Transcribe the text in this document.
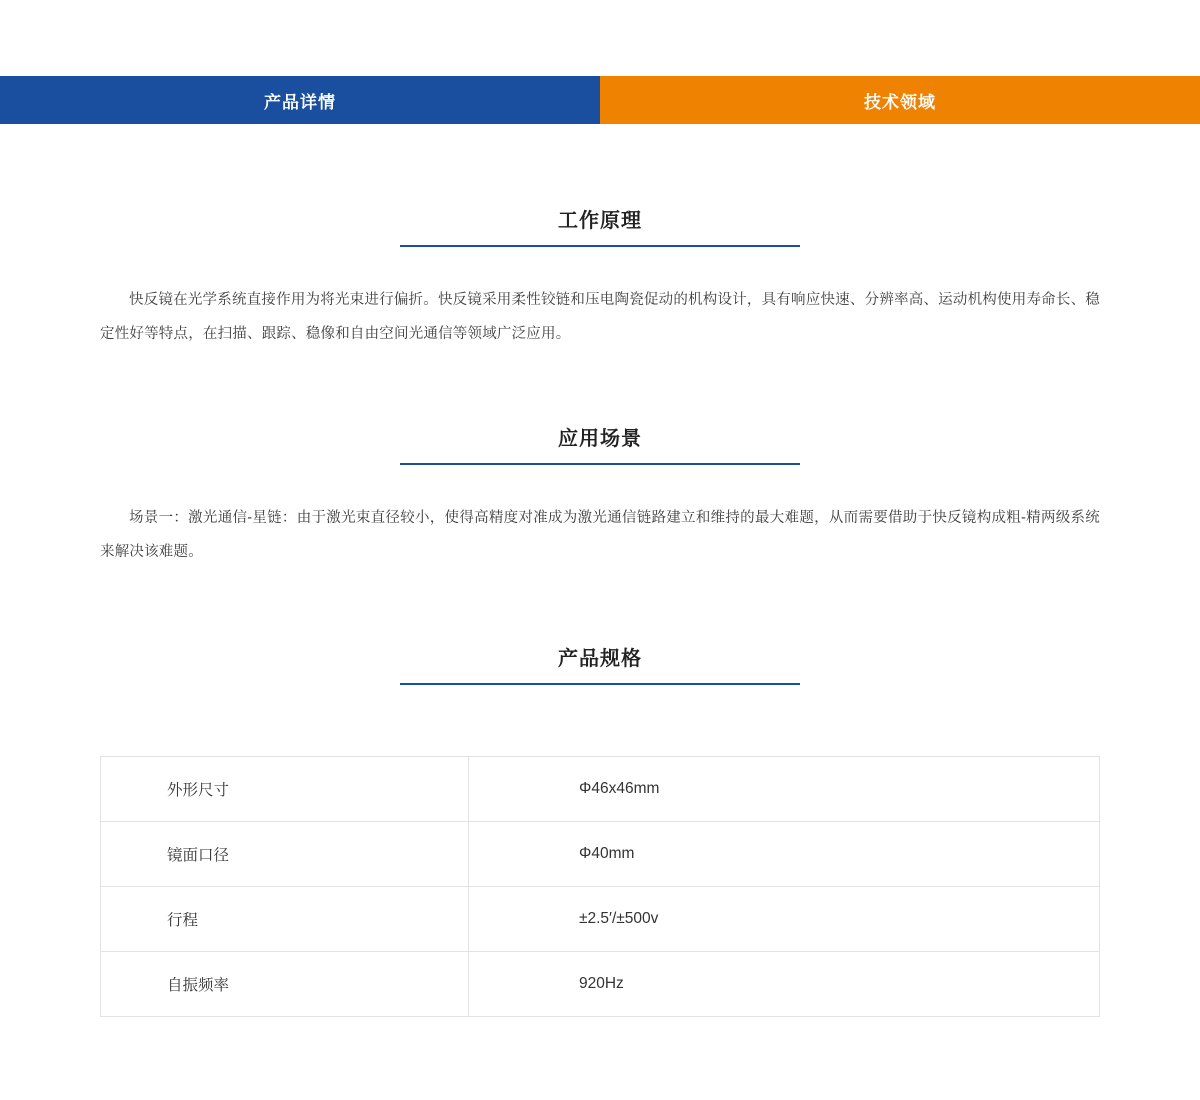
产品详情	技术领域
工作原理
快反镜在光学系统直接作用为将光束进行偏折。快反镜采用柔性铰链和压电陶瓷促动的机构设计，具有响应快速、分辨率高、运动机构使用寿命长、稳定性好等特点，在扫描、跟踪、稳像和自由空间光通信等领域广泛应用。
应用场景
场景一：激光通信-星链：由于激光束直径较小，使得高精度对准成为激光通信链路建立和维持的最大难题，从而需要借助于快反镜构成粗-精两级系统来解决该难题。
产品规格
外形尺寸	Φ46x46mm
镜面口径	Φ40mm
行程	±2.5′/±500v
自振频率	920Hz
